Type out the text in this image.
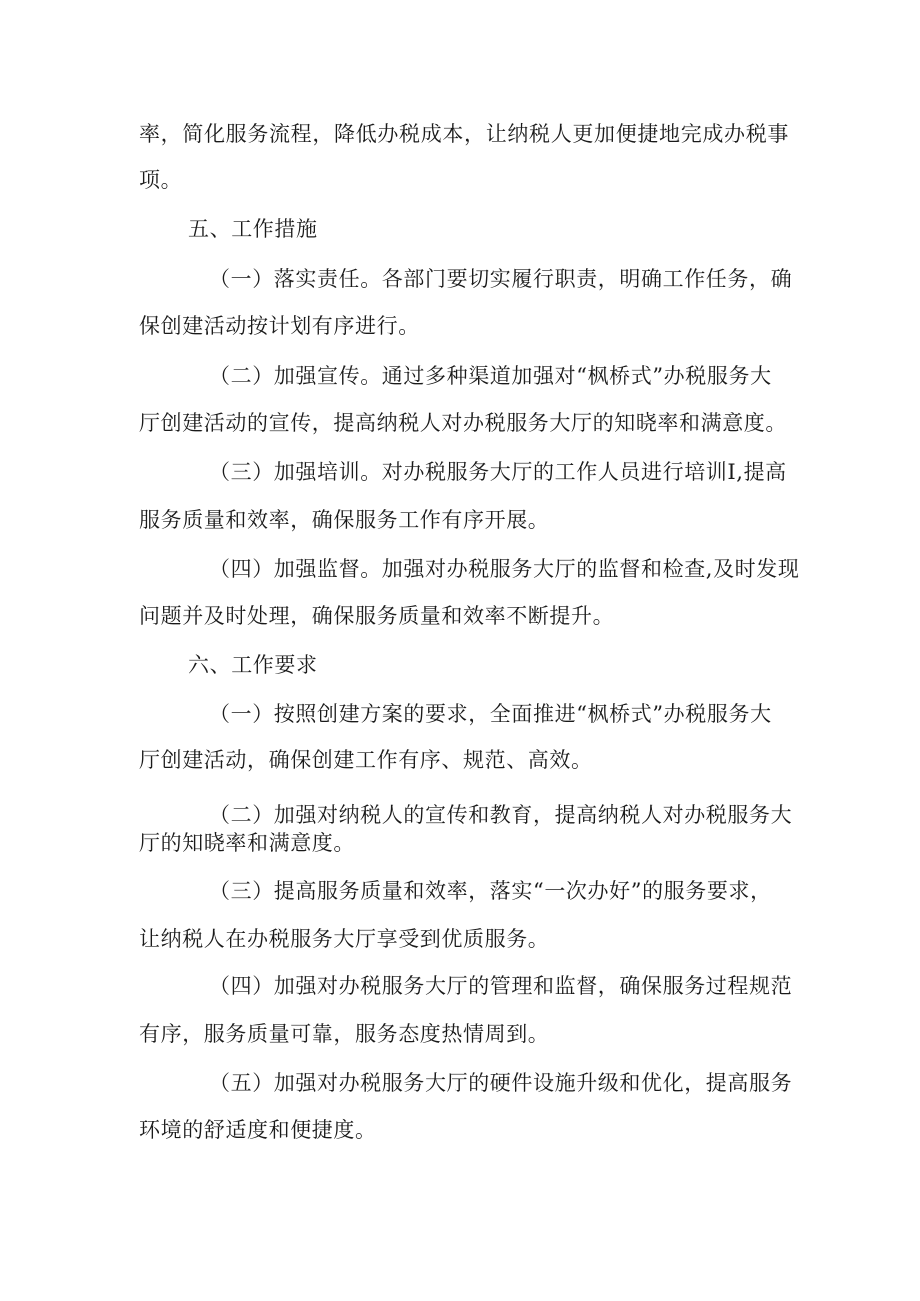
率，简化服务流程，降低办税成本，让纳税人更加便捷地完成办税事
项。
五、工作措施
（一）落实责任。各部门要切实履行职责，明确工作任务，确
保创建活动按计划有序进行。
（二）加强宣传。通过多种渠道加强对“枫桥式”办税服务大
厅创建活动的宣传，提高纳税人对办税服务大厅的知晓率和满意度。
（三）加强培训。对办税服务大厅的工作人员进行培训Ⅰ,提高
服务质量和效率，确保服务工作有序开展。
（四）加强监督。加强对办税服务大厅的监督和检查,及时发现
问题并及时处理，确保服务质量和效率不断提升。
六、工作要求
（一）按照创建方案的要求，全面推进“枫桥式”办税服务大
厅创建活动，确保创建工作有序、规范、高效。
（二）加强对纳税人的宣传和教育，提高纳税人对办税服务大
厅的知晓率和满意度。
（三）提高服务质量和效率，落实“一次办好”的服务要求，
让纳税人在办税服务大厅享受到优质服务。
（四）加强对办税服务大厅的管理和监督，确保服务过程规范
有序，服务质量可靠，服务态度热情周到。
（五）加强对办税服务大厅的硬件设施升级和优化，提高服务
环境的舒适度和便捷度。
